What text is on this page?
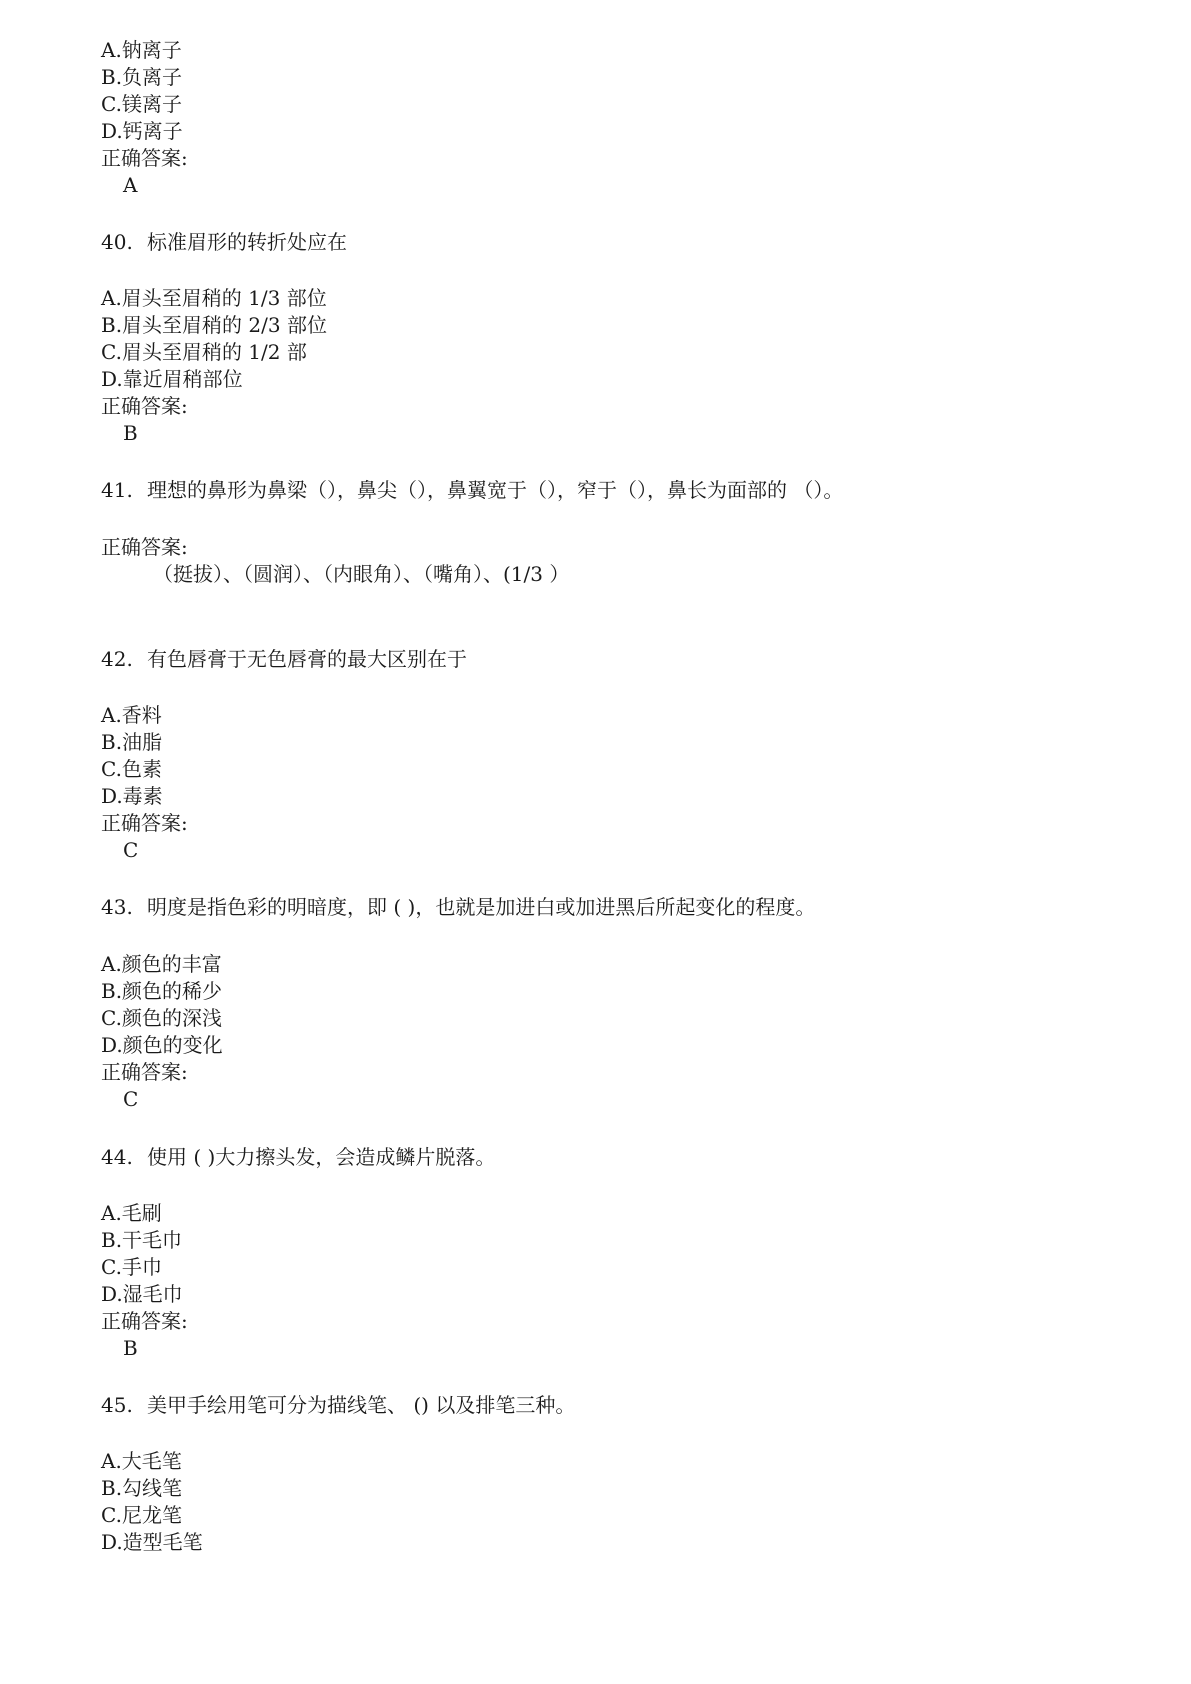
A.钠离子
B.负离子
C.镁离子
D.钙离子
正确答案:
A
40. 标准眉形的转折处应在
A.眉头至眉稍的 1/3 部位
B.眉头至眉稍的 2/3 部位
C.眉头至眉稍的 1/2 部
D.靠近眉稍部位
正确答案:
B
41. 理想的鼻形为鼻梁（），鼻尖（），鼻翼宽于（），窄于（），鼻长为面部的 （）。
正确答案:
（挺拔）、（圆润）、（内眼角）、（嘴角）、(1/3 ）
42. 有色唇膏于无色唇膏的最大区别在于
A.香料
B.油脂
C.色素
D.毒素
正确答案:
C
43. 明度是指色彩的明暗度，即 ( )，也就是加进白或加进黑后所起变化的程度。
A.颜色的丰富
B.颜色的稀少
C.颜色的深浅
D.颜色的变化
正确答案:
C
44. 使用 ( )大力擦头发，会造成鳞片脱落。
A.毛刷
B.干毛巾
C.手巾
D.湿毛巾
正确答案:
B
45. 美甲手绘用笔可分为描线笔、 () 以及排笔三种。
A.大毛笔
B.勾线笔
C.尼龙笔
D.造型毛笔
